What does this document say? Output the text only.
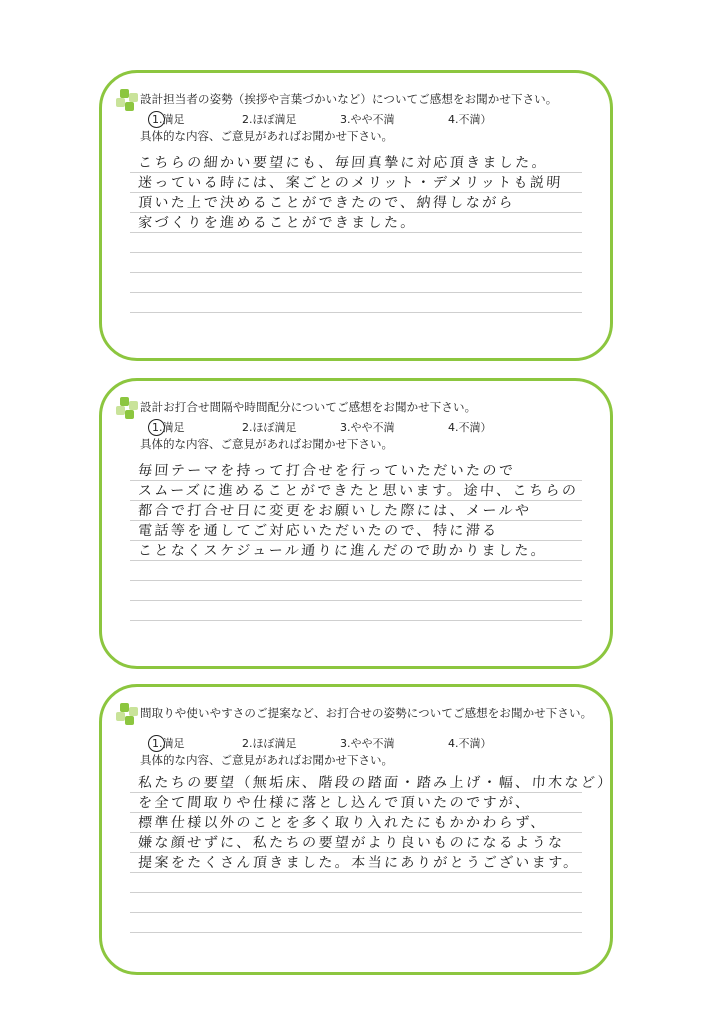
設計担当者の姿勢（挨拶や言葉づかいなど）についてご感想をお聞かせ下さい。
1.満足	2.ほぼ満足	3.やや不満	4.不満）
具体的な内容、ご意見があればお聞かせ下さい。
こちらの細かい要望にも、毎回真摯に対応頂きました。
迷っている時には、案ごとのメリット・デメリットも説明
頂いた上で決めることができたので、納得しながら
家づくりを進めることができました。
設計お打合せ間隔や時間配分についてご感想をお聞かせ下さい。
1.満足	2.ほぼ満足	3.やや不満	4.不満）
具体的な内容、ご意見があればお聞かせ下さい。
毎回テーマを持って打合せを行っていただいたので
スムーズに進めることができたと思います。途中、こちらの
都合で打合せ日に変更をお願いした際には、メールや
電話等を通してご対応いただいたので、特に滞る
ことなくスケジュール通りに進んだので助かりました。
間取りや使いやすさのご提案など、お打合せの姿勢についてご感想をお聞かせ下さい。
1.満足	2.ほぼ満足	3.やや不満	4.不満）
具体的な内容、ご意見があればお聞かせ下さい。
私たちの要望（無垢床、階段の踏面・踏み上げ・幅、巾木など）
を全て間取りや仕様に落とし込んで頂いたのですが、
標準仕様以外のことを多く取り入れたにもかかわらず、
嫌な顔せずに、私たちの要望がより良いものになるような
提案をたくさん頂きました。本当にありがとうございます。
